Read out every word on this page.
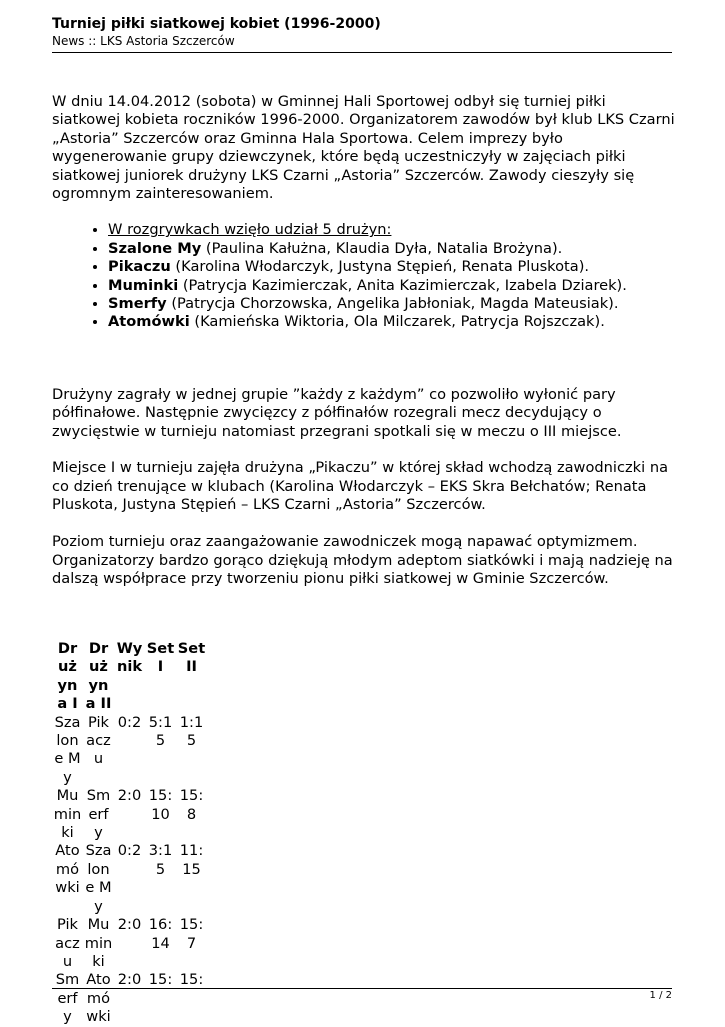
Turniej piłki siatkowej kobiet (1996-2000)
News :: LKS Astoria Szczerców

W dniu 14.04.2012 (sobota) w Gminnej Hali Sportowej odbył się turniej piłki siatkowej kobieta roczników 1996-2000. Organizatorem zawodów był klub LKS Czarni „Astoria” Szczerców oraz Gminna Hala Sportowa. Celem imprezy było wygenerowanie grupy dziewczynek, które będą uczestniczyły w zajęciach piłki siatkowej juniorek drużyny LKS Czarni „Astoria” Szczerców. Zawody cieszyły się ogromnym zainteresowaniem.

• W rozgrywkach wzięło udział 5 drużyn:
• Szalone My (Paulina Kałużna, Klaudia Dyła, Natalia Brożyna).
• Pikaczu (Karolina Włodarczyk, Justyna Stępień, Renata Pluskota).
• Muminki (Patrycja Kazimierczak, Anita Kazimierczak, Izabela Dziarek).
• Smerfy (Patrycja Chorzowska, Angelika Jabłoniak, Magda Mateusiak).
• Atomówki (Kamieńska Wiktoria, Ola Milczarek, Patrycja Rojszczak).

Drużyny zagrały w jednej grupie ”każdy z każdym” co pozwoliło wyłonić pary półfinałowe. Następnie zwycięzcy z półfinałów rozegrali mecz decydujący o zwycięstwie w turnieju natomiast przegrani spotkali się w meczu o III miejsce.

Miejsce I w turnieju zajęła drużyna „Pikaczu” w której skład wchodzą zawodniczki na co dzień trenujące w klubach (Karolina Włodarczyk – EKS Skra Bełchatów; Renata Pluskota, Justyna Stępień – LKS Czarni „Astoria” Szczerców.

Poziom turnieju oraz zaangażowanie zawodniczek mogą napawać optymizmem. Organizatorzy bardzo gorąco dziękują młodym adeptom siatkówki i mają nadzieję na dalszą współprace przy tworzeniu pionu piłki siatkowej w Gminie Szczerców.

Drużyna I	Drużyna II	Wynik	Set I	Set II
Szalone My	Pikaczu	0:2	5:15	1:15
Muminki	Smerfy	2:0	15:10	15:8
Atomówki	Szalone My	0:2	3:15	11:15
Pikaczu	Muminki	2:0	16:14	15:7
Smerfy	Atomówki	2:0	15:	15:
1 / 2
